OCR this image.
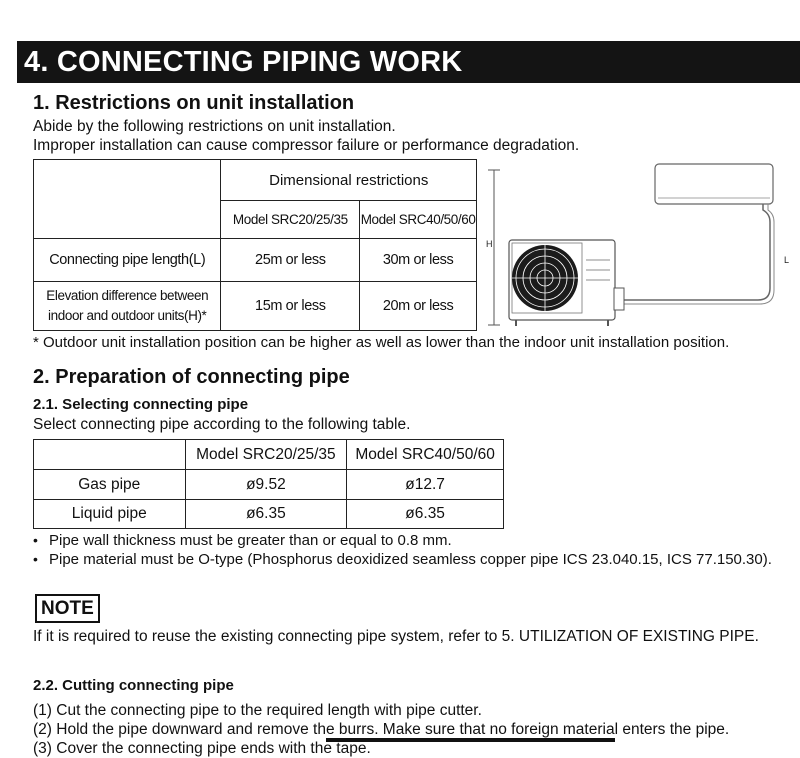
4. CONNECTING PIPING WORK
1. Restrictions on unit installation
Abide by the following restrictions on unit installation.
Improper installation can cause compressor failure or performance degradation.
	Dimensional restrictions	
	Model SRC20/25/35	Model SRC40/50/60
Connecting pipe length(L)	25m or less	30m or less

Elevation difference between
indoor and outdoor units(H)*	15m or less	20m or less
H
L
* Outdoor unit installation position can be higher as well as lower than the indoor unit installation position.
2. Preparation of connecting pipe
2.1. Selecting connecting pipe
Select connecting pipe according to the following table.
	Model SRC20/25/35	Model SRC40/50/60
Gas pipe	ø9.52	ø12.7
Liquid pipe	ø6.35	ø6.35
• Pipe wall thickness must be greater than or equal to 0.8 mm.
• Pipe material must be O-type (Phosphorus deoxidized seamless copper pipe ICS 23.040.15, ICS 77.150.30).
NOTE
If it is required to reuse the existing connecting pipe system, refer to 5. UTILIZATION OF EXISTING PIPE.
2.2. Cutting connecting pipe
(1) Cut the connecting pipe to the required length with pipe cutter.
(2) Hold the pipe downward and remove the burrs. Make sure that no foreign material enters the pipe.
(3) Cover the connecting pipe ends with the tape.
